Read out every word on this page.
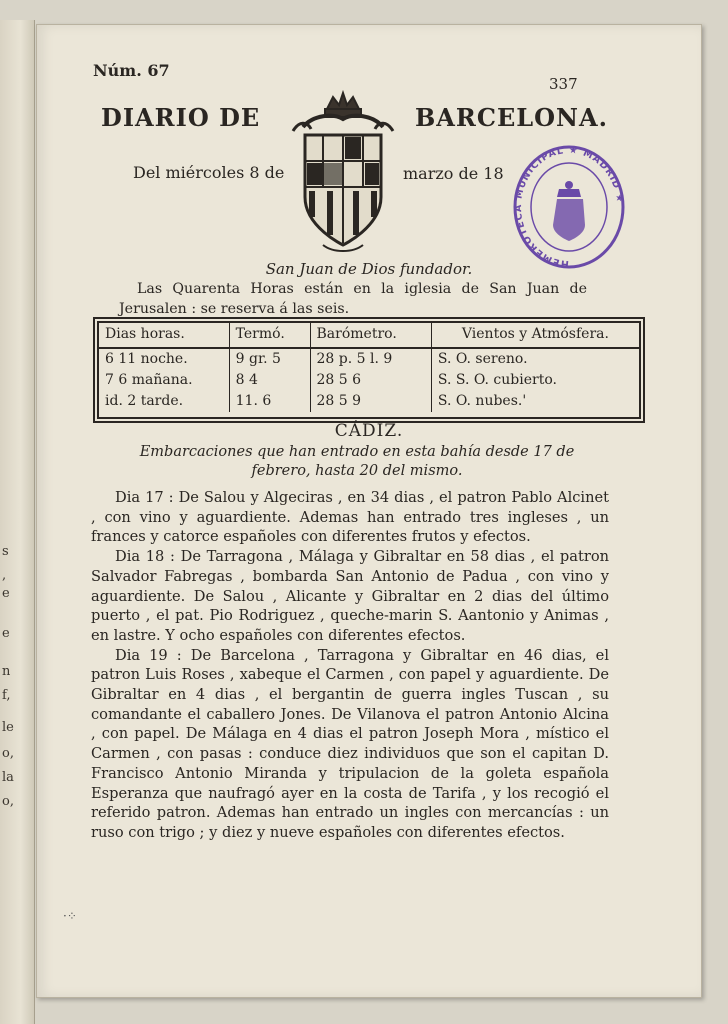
s
,
e
e
n
f,
le
o,
la
o,
Núm. 67
337
DIARIO DE	BARCELONA.
Del miércoles 8 de	marzo de 18
HEMEROTECA MUNICIPAL ★ MADRID ★
San Juan de Dios fundador.
Las Quarenta Horas están en la iglesia de San Juan de Jerusalen : se reserva á las seis.
Dias horas.	Termó.	Barómetro.	Vientos y Atmósfera.
6 11 noche.	9 gr. 5	28 p. 5 l. 9	S. O. sereno.
7 6 mañana.	8 4	28 5 6	S. S. O. cubierto.
id. 2 tarde.	11. 6	28 5 9	S. O. nubes.'
CÁDIZ.
Embarcaciones que han entrado en esta bahía desde 17 de febrero, hasta 20 del mismo.

Dia 17 : De Salou y Algeciras , en 34 dias , el patron Pablo Alcinet , con vino y aguardiente. Ademas han entrado tres ingleses , un frances y catorce españoles con diferentes frutos y efectos.

Dia 18 : De Tarragona , Málaga y Gibraltar en 58 dias , el patron Salvador Fabregas , bombarda San Antonio de Padua , con vino y aguardiente. De Salou , Alicante y Gibraltar en 2 dias del último puerto , el pat. Pio Rodriguez , queche-marin S. Aantonio y Animas , en lastre. Y ocho españoles con diferentes efectos.

Dia 19 : De Barcelona , Tarragona y Gibraltar en 46 dias, el patron Luis Roses , xabeque el Carmen , con papel y aguardiente. De Gibraltar en 4 dias , el bergantin de guerra ingles Tuscan , su comandante el caballero Jones. De Vilanova el patron Antonio Alcina , con papel. De Málaga en 4 dias el patron Joseph Mora , místico el Carmen , con pasas : conduce diez individuos que son el capitan D. Francisco Antonio Miranda y tripulacion de la goleta española Esperanza que naufragó ayer en la costa de Tarifa , y los recogió el referido patron. Ademas han entrado un ingles con mercancías : un ruso con trigo ; y diez y nueve españoles con diferentes efectos.

·⁘
